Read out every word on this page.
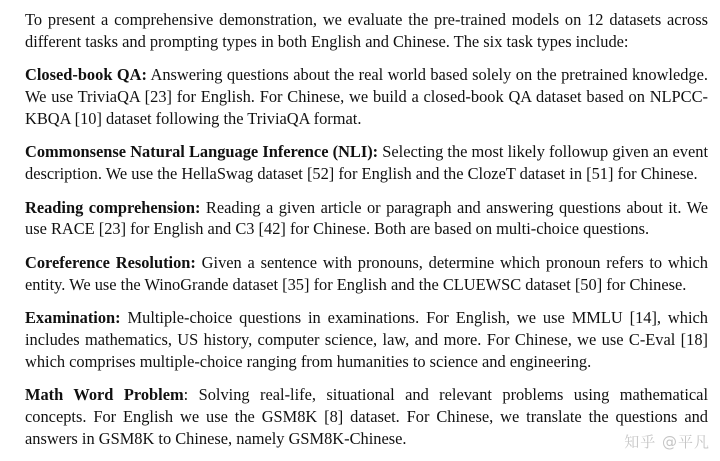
To present a comprehensive demonstration, we evaluate the pre-trained models on 12 datasets across different tasks and prompting types in both English and Chinese. The six task types include:

Closed-book QA: Answering questions about the real world based solely on the pretrained knowledge. We use TriviaQA [23] for English. For Chinese, we build a closed-book QA dataset based on NLPCC-KBQA [10] dataset following the TriviaQA format.

Commonsense Natural Language Inference (NLI): Selecting the most likely followup given an event description. We use the HellaSwag dataset [52] for English and the ClozeT dataset in [51] for Chinese.

Reading comprehension: Reading a given article or paragraph and answering questions about it. We use RACE [23] for English and C3 [42] for Chinese. Both are based on multi-choice questions.

Coreference Resolution: Given a sentence with pronouns, determine which pronoun refers to which entity. We use the WinoGrande dataset [35] for English and the CLUEWSC dataset [50] for Chinese.

Examination: Multiple-choice questions in examinations. For English, we use MMLU [14], which includes mathematics, US history, computer science, law, and more. For Chinese, we use C-Eval [18] which comprises multiple-choice ranging from humanities to science and engineering.

Math Word Problem: Solving real-life, situational and relevant problems using mathematical concepts. For English we use the GSM8K [8] dataset. For Chinese, we translate the questions and answers in GSM8K to Chinese, namely GSM8K-Chinese.	知乎 @平凡
